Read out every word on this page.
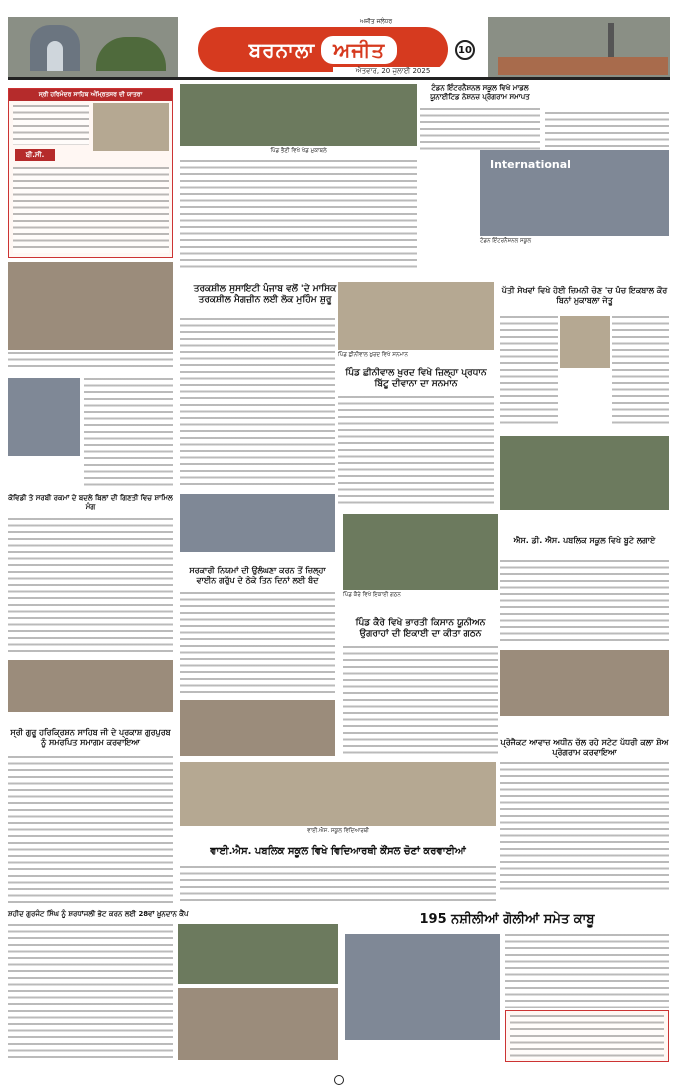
ਅਜੀਤ ਜਲੰਧਰ
ਬਰਨਾਲਾ ਅਜੀਤ
ਐਤਵਾਰ, 20 ਜੁਲਾਈ 2025
10
ਸ੍ਰੀ ਹਰਿਮੰਦਰ ਸਾਹਿਬ ਅੰਮ੍ਰਿਤਸਰ ਦੀ ਯਾਤਰਾ
ਬੀ.ਸੀ.
ਕੋਵਿਡੀ ਤੇ ਸਰਬੀ ਰਕਮਾਂ ਦੇ ਬਦਲੇ ਬਿਲਾਂ ਦੀ ਗਿਣਤੀ ਵਿਚ ਸ਼ਾਮਿਲ ਮੰਗ
ਸ੍ਰੀ ਗੁਰੂ ਹਰਿਕ੍ਰਿਸ਼ਨ ਸਾਹਿਬ ਜੀ ਦੇ ਪ੍ਰਕਾਸ਼ ਗੁਰਪੁਰਬ ਨੂੰ ਸਮਰਪਿਤ ਸਮਾਗਮ ਕਰਵਾਇਆ
ਪਿੰਡ ਭੈਣੀ ਵਿਖੇ ਖੇਡ ਮੁਕਾਬਲੇ
ਤਰਕਸ਼ੀਲ ਸੁਸਾਇਟੀ ਪੰਜਾਬ ਵਲੋਂ 'ਦੇ ਮਾਸਿਕ ਤਰਕਸ਼ੀਲ ਮੈਗਜ਼ੀਨ ਲਈ ਲੋਕ ਮੁਹਿੰਮ ਸ਼ੁਰੂ
ਪਿੰਡ ਛੀਨੀਵਾਲ ਖ਼ੁਰਦ ਵਿਖੇ ਸਨਮਾਨ
ਪਿੰਡ ਛੀਨੀਵਾਲ ਖ਼ੁਰਦ ਵਿਖੇ ਜ਼ਿਲ੍ਹਾ ਪ੍ਰਧਾਨ ਬਿੱਟੂ ਦੀਵਾਨਾ ਦਾ ਸਨਮਾਨ
ਸਰਕਾਰੀ ਨਿਯਮਾਂ ਦੀ ਉਲੰਘਣਾ ਕਰਨ ਤੋਂ ਜ਼ਿਲ੍ਹਾ ਵਾਈਨ ਗਰੁੱਪ ਦੇ ਠੇਕੇ ਤਿਨ ਦਿਨਾਂ ਲਈ ਬੰਦ
ਪਿੰਡ ਕੈਰੇ ਵਿਖੇ ਇਕਾਈ ਗਠਨ
ਪਿੰਡ ਕੈਰੇ ਵਿਖੇ ਭਾਰਤੀ ਕਿਸਾਨ ਯੂਨੀਅਨ ਉਗਰਾਹਾਂ ਦੀ ਇਕਾਈ ਦਾ ਕੀਤਾ ਗਠਨ
ਟੰਡਨ ਇੰਟਰਨੈਸ਼ਨਲ ਸਕੂਲ ਵਿਖੇ ਮਾਡਲ ਯੂਨਾਈਟਿਡ ਨੇਸ਼ਨਜ਼ ਪ੍ਰੋਗਰਾਮ ਸਮਾਪਤ
International
ਟੰਡਨ ਇੰਟਰਨੈਸ਼ਨਲ ਸਕੂਲ
ਪੱਤੀ ਸੇਖਵਾਂ ਵਿਖੇ ਹੋਈ ਜ਼ਿਮਨੀ ਚੋਣ 'ਚ ਪੰਚ ਇਕਬਾਲ ਕੌਰ ਬਿਨਾਂ ਮੁਕਾਬਲਾ ਜੇਤੂ
ਐਸ. ਡੀ. ਐਸ. ਪਬਲਿਕ ਸਕੂਲ ਵਿਖੇ ਬੂਟੇ ਲਗਾਏ
ਪ੍ਰੋਜੈਕਟ ਆਵਾਜ਼ ਅਧੀਨ ਚੱਲ ਰਹੇ ਸਟੇਟ ਪੱਧਰੀ ਕਲਾ ਸ਼ੋਅ ਪ੍ਰੋਗਰਾਮ ਕਰਵਾਇਆ
ਵਾਈ.ਐਸ. ਸਕੂਲ ਵਿਦਿਆਰਥੀ
ਵਾਈ.ਐਸ. ਪਬਲਿਕ ਸਕੂਲ ਵਿਖੇ ਵਿਦਿਆਰਥੀ ਕੌਂਸਲ ਚੋਣਾਂ ਕਰਵਾਈਆਂ
ਸ਼ਹੀਦ ਗੁਰਜੰਟ ਸਿੰਘ ਨੂੰ ਸ਼ਰਧਾਂਜਲੀ ਭੇਟ ਕਰਨ ਲਈ 28ਵਾਂ ਖ਼ੂਨਦਾਨ ਕੈਂਪ	195 ਨਸ਼ੀਲੀਆਂ ਗੋਲੀਆਂ ਸਮੇਤ ਕਾਬੂ
